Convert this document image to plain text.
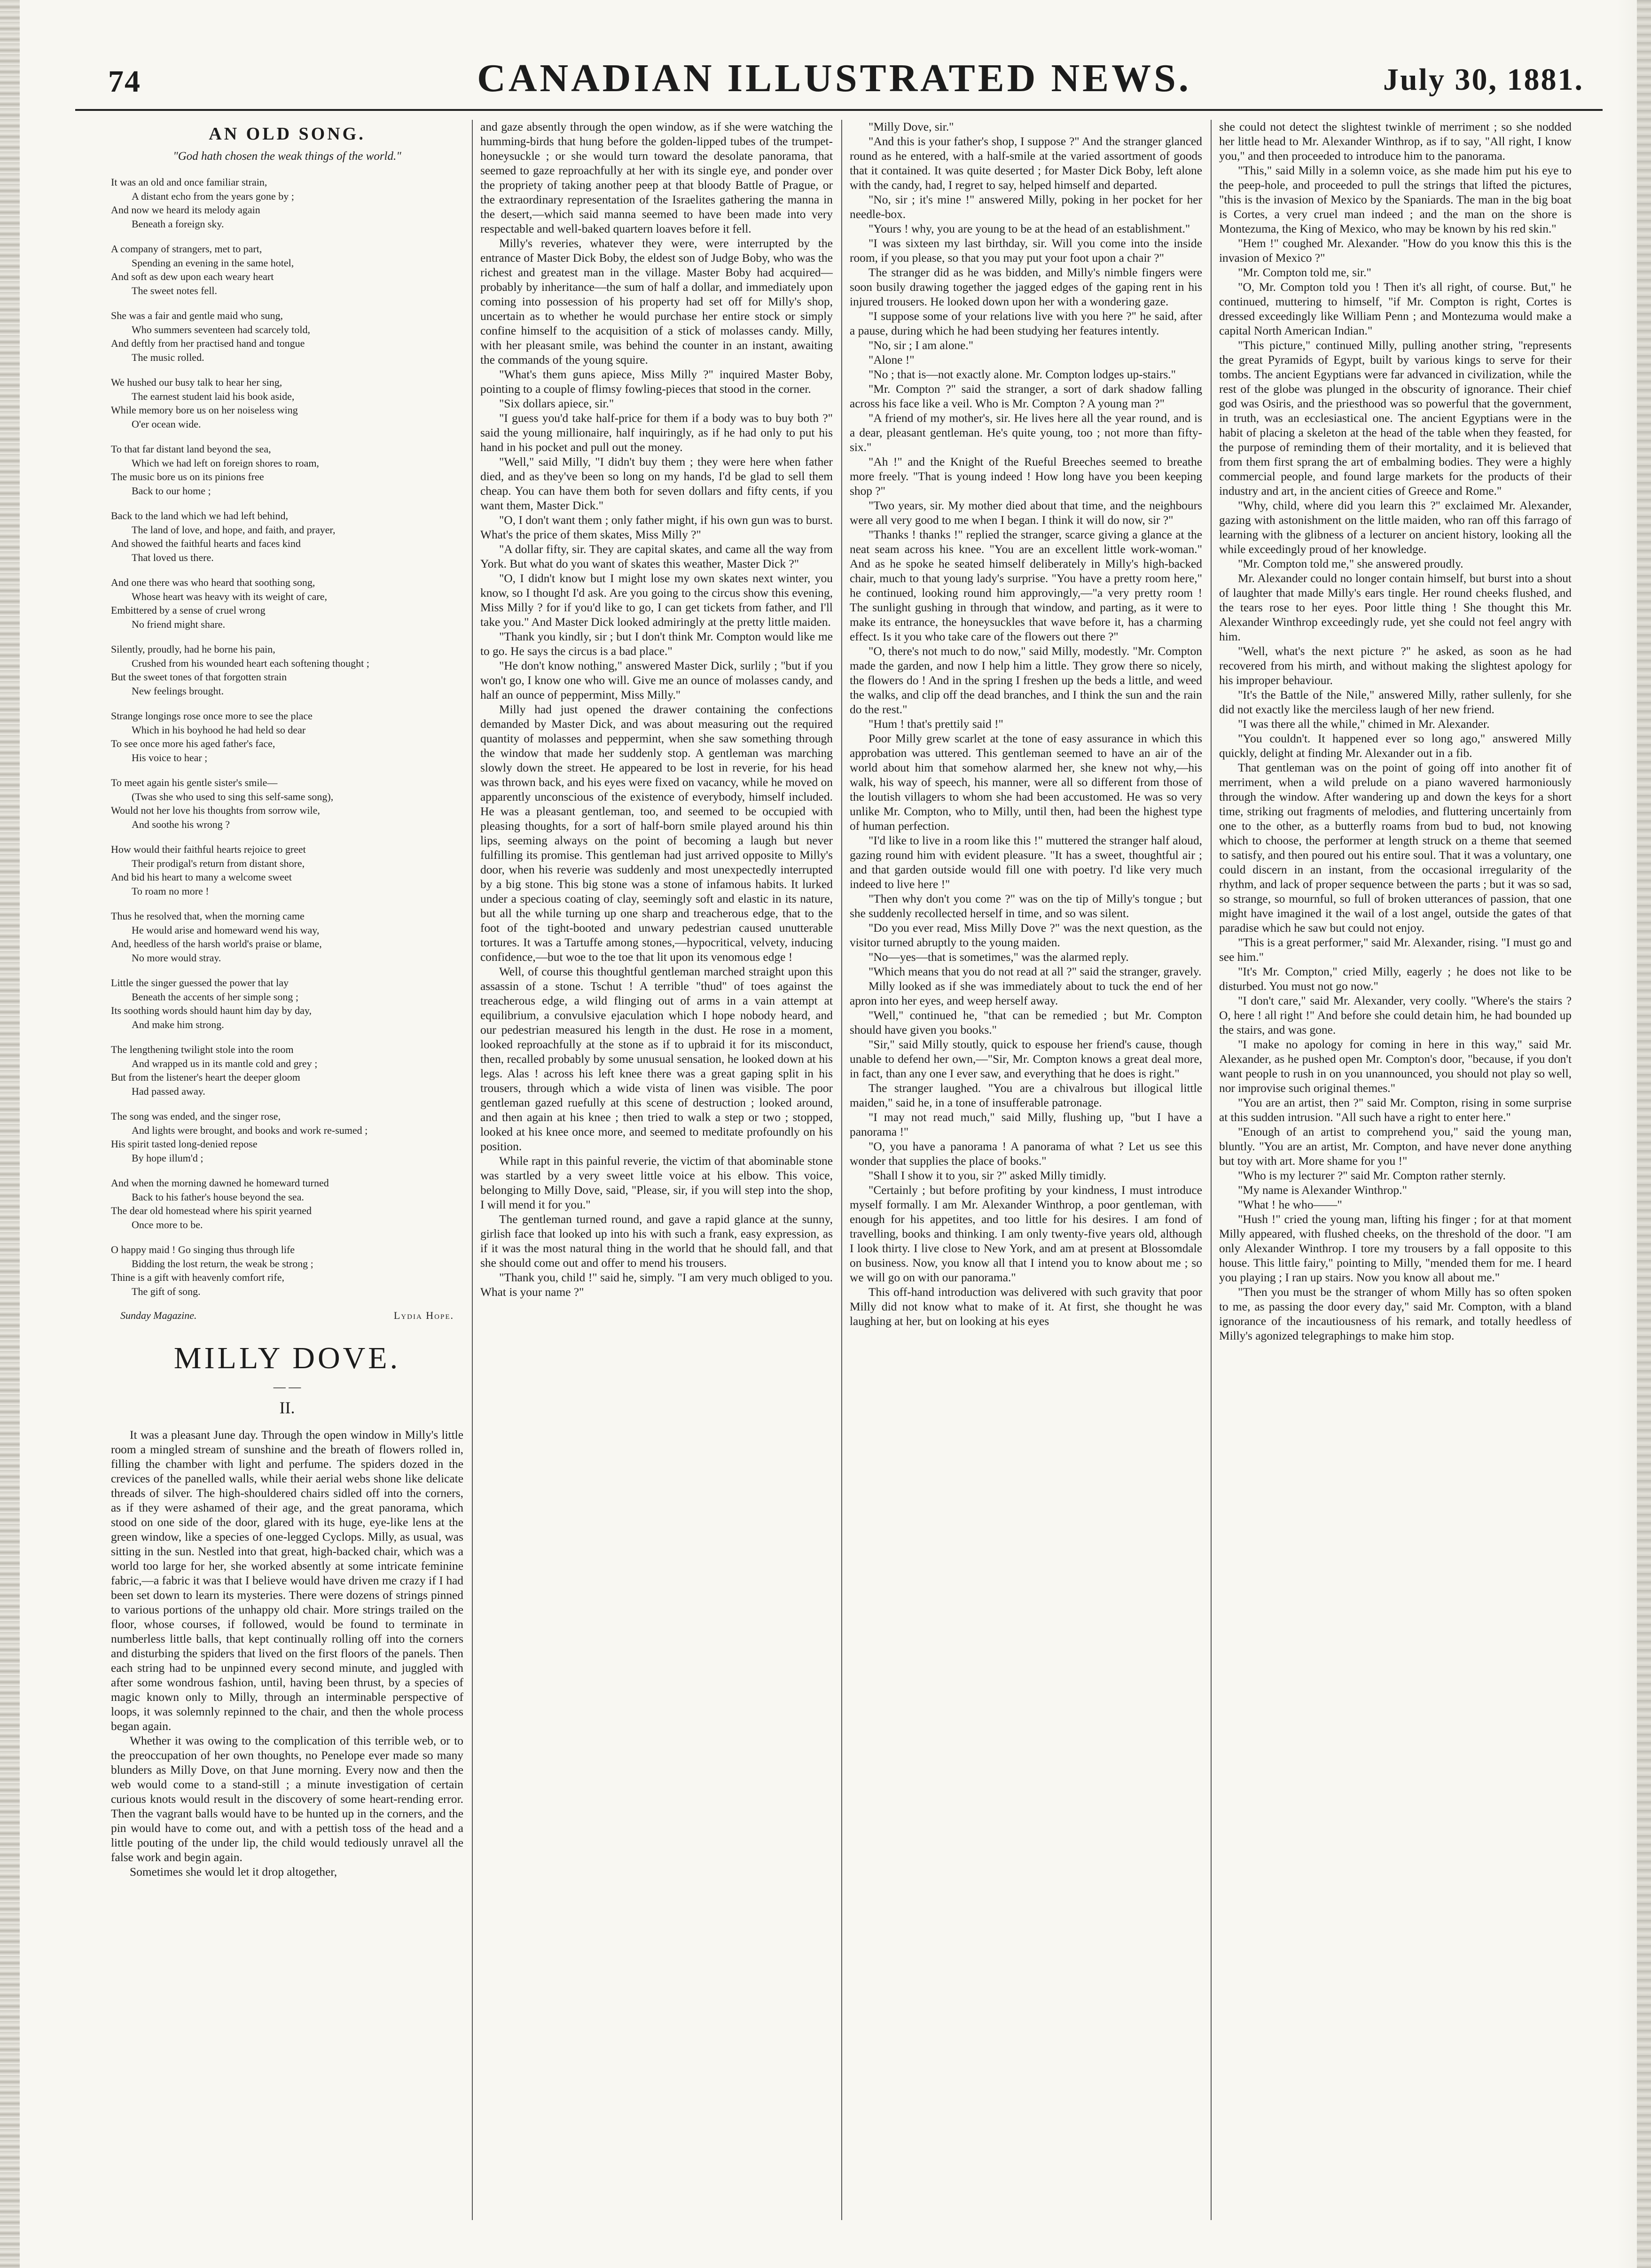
74	CANADIAN ILLUSTRATED NEWS.	July 30, 1881.
AN OLD SONG.
"God hath chosen the weak things of the world."
It was an old and once familiar strain,
A distant echo from the years gone by ;
And now we heard its melody again
Beneath a foreign sky.
A company of strangers, met to part,
Spending an evening in the same hotel,
And soft as dew upon each weary heart
The sweet notes fell.
She was a fair and gentle maid who sung,
Who summers seventeen had scarcely told,
And deftly from her practised hand and tongue
The music rolled.
We hushed our busy talk to hear her sing,
The earnest student laid his book aside,
While memory bore us on her noiseless wing
O'er ocean wide.
To that far distant land beyond the sea,
Which we had left on foreign shores to roam,
The music bore us on its pinions free
Back to our home ;
Back to the land which we had left behind,
The land of love, and hope, and faith, and prayer,
And showed the faithful hearts and faces kind
That loved us there.
And one there was who heard that soothing song,
Whose heart was heavy with its weight of care,
Embittered by a sense of cruel wrong
No friend might share.
Silently, proudly, had he borne his pain,
Crushed from his wounded heart each softening thought ;
But the sweet tones of that forgotten strain
New feelings brought.
Strange longings rose once more to see the place
Which in his boyhood he had held so dear
To see once more his aged father's face,
His voice to hear ;
To meet again his gentle sister's smile—
(Twas she who used to sing this self-same song),
Would not her love his thoughts from sorrow wile,
And soothe his wrong ?
How would their faithful hearts rejoice to greet
Their prodigal's return from distant shore,
And bid his heart to many a welcome sweet
To roam no more !
Thus he resolved that, when the morning came
He would arise and homeward wend his way,
And, heedless of the harsh world's praise or blame,
No more would stray.
Little the singer guessed the power that lay
Beneath the accents of her simple song ;
Its soothing words should haunt him day by day,
And make him strong.
The lengthening twilight stole into the room
And wrapped us in its mantle cold and grey ;
But from the listener's heart the deeper gloom
Had passed away.
The song was ended, and the singer rose,
And lights were brought, and books and work re-sumed ;
His spirit tasted long-denied repose
By hope illum'd ;
And when the morning dawned he homeward turned
Back to his father's house beyond the sea.
The dear old homestead where his spirit yearned
Once more to be.
O happy maid ! Go singing thus through life
Bidding the lost return, the weak be strong ;
Thine is a gift with heavenly comfort rife,
The gift of song.
Sunday Magazine.	Lydia Hope.
MILLY DOVE.
— —
II.

It was a pleasant June day. Through the open window in Milly's little room a mingled stream of sunshine and the breath of flowers rolled in, filling the chamber with light and perfume. The spiders dozed in the crevices of the panelled walls, while their aerial webs shone like delicate threads of silver. The high-shouldered chairs sidled off into the corners, as if they were ashamed of their age, and the great panorama, which stood on one side of the door, glared with its huge, eye-like lens at the green window, like a species of one-legged Cyclops. Milly, as usual, was sitting in the sun. Nestled into that great, high-backed chair, which was a world too large for her, she worked absently at some intricate feminine fabric,—a fabric it was that I believe would have driven me crazy if I had been set down to learn its mysteries. There were dozens of strings pinned to various portions of the unhappy old chair. More strings trailed on the floor, whose courses, if followed, would be found to terminate in numberless little balls, that kept continually rolling off into the corners and disturbing the spiders that lived on the first floors of the panels. Then each string had to be unpinned every second minute, and juggled with after some wondrous fashion, until, having been thrust, by a species of magic known only to Milly, through an interminable perspective of loops, it was solemnly repinned to the chair, and then the whole process began again.

Whether it was owing to the complication of this terrible web, or to the preoccupation of her own thoughts, no Penelope ever made so many blunders as Milly Dove, on that June morning. Every now and then the web would come to a stand-still ; a minute investigation of certain curious knots would result in the discovery of some heart-rending error. Then the vagrant balls would have to be hunted up in the corners, and the pin would have to come out, and with a pettish toss of the head and a little pouting of the under lip, the child would tediously unravel all the false work and begin again.

Sometimes she would let it drop altogether,

and gaze absently through the open window, as if she were watching the humming-birds that hung before the golden-lipped tubes of the trumpet-honeysuckle ; or she would turn toward the desolate panorama, that seemed to gaze reproachfully at her with its single eye, and ponder over the propriety of taking another peep at that bloody Battle of Prague, or the extraordinary representation of the Israelites gathering the manna in the desert,—which said manna seemed to have been made into very respectable and well-baked quartern loaves before it fell.

Milly's reveries, whatever they were, were interrupted by the entrance of Master Dick Boby, the eldest son of Judge Boby, who was the richest and greatest man in the village. Master Boby had acquired—probably by inheritance—the sum of half a dollar, and immediately upon coming into possession of his property had set off for Milly's shop, uncertain as to whether he would purchase her entire stock or simply confine himself to the acquisition of a stick of molasses candy. Milly, with her pleasant smile, was behind the counter in an instant, awaiting the commands of the young squire.

"What's them guns apiece, Miss Milly ?" inquired Master Boby, pointing to a couple of flimsy fowling-pieces that stood in the corner.

"Six dollars apiece, sir."

"I guess you'd take half-price for them if a body was to buy both ?" said the young millionaire, half inquiringly, as if he had only to put his hand in his pocket and pull out the money.

"Well," said Milly, "I didn't buy them ; they were here when father died, and as they've been so long on my hands, I'd be glad to sell them cheap. You can have them both for seven dollars and fifty cents, if you want them, Master Dick."

"O, I don't want them ; only father might, if his own gun was to burst. What's the price of them skates, Miss Milly ?"

"A dollar fifty, sir. They are capital skates, and came all the way from York. But what do you want of skates this weather, Master Dick ?"

"O, I didn't know but I might lose my own skates next winter, you know, so I thought I'd ask. Are you going to the circus show this evening, Miss Milly ? for if you'd like to go, I can get tickets from father, and I'll take you." And Master Dick looked admiringly at the pretty little maiden.

"Thank you kindly, sir ; but I don't think Mr. Compton would like me to go. He says the circus is a bad place."

"He don't know nothing," answered Master Dick, surlily ; "but if you won't go, I know one who will. Give me an ounce of molasses candy, and half an ounce of peppermint, Miss Milly."

Milly had just opened the drawer containing the confections demanded by Master Dick, and was about measuring out the required quantity of molasses and peppermint, when she saw something through the window that made her suddenly stop. A gentleman was marching slowly down the street. He appeared to be lost in reverie, for his head was thrown back, and his eyes were fixed on vacancy, while he moved on apparently unconscious of the existence of everybody, himself included. He was a pleasant gentleman, too, and seemed to be occupied with pleasing thoughts, for a sort of half-born smile played around his thin lips, seeming always on the point of becoming a laugh but never fulfilling its promise. This gentleman had just arrived opposite to Milly's door, when his reverie was suddenly and most unexpectedly interrupted by a big stone. This big stone was a stone of infamous habits. It lurked under a specious coating of clay, seemingly soft and elastic in its nature, but all the while turning up one sharp and treacherous edge, that to the foot of the tight-booted and unwary pedestrian caused unutterable tortures. It was a Tartuffe among stones,—hypocritical, velvety, inducing confidence,—but woe to the toe that lit upon its venomous edge !

Well, of course this thoughtful gentleman marched straight upon this assassin of a stone. Tschut ! A terrible "thud" of toes against the treacherous edge, a wild flinging out of arms in a vain attempt at equilibrium, a convulsive ejaculation which I hope nobody heard, and our pedestrian measured his length in the dust. He rose in a moment, looked reproachfully at the stone as if to upbraid it for its misconduct, then, recalled probably by some unusual sensation, he looked down at his legs. Alas ! across his left knee there was a great gaping split in his trousers, through which a wide vista of linen was visible. The poor gentleman gazed ruefully at this scene of destruction ; looked around, and then again at his knee ; then tried to walk a step or two ; stopped, looked at his knee once more, and seemed to meditate profoundly on his position.

While rapt in this painful reverie, the victim of that abominable stone was startled by a very sweet little voice at his elbow. This voice, belonging to Milly Dove, said, "Please, sir, if you will step into the shop, I will mend it for you."

The gentleman turned round, and gave a rapid glance at the sunny, girlish face that looked up into his with such a frank, easy expression, as if it was the most natural thing in the world that he should fall, and that she should come out and offer to mend his trousers.

"Thank you, child !" said he, simply. "I am very much obliged to you. What is your name ?"

"Milly Dove, sir."

"And this is your father's shop, I suppose ?" And the stranger glanced round as he entered, with a half-smile at the varied assortment of goods that it contained. It was quite deserted ; for Master Dick Boby, left alone with the candy, had, I regret to say, helped himself and departed.

"No, sir ; it's mine !" answered Milly, poking in her pocket for her needle-box.

"Yours ! why, you are young to be at the head of an establishment."

"I was sixteen my last birthday, sir. Will you come into the inside room, if you please, so that you may put your foot upon a chair ?"

The stranger did as he was bidden, and Milly's nimble fingers were soon busily drawing together the jagged edges of the gaping rent in his injured trousers. He looked down upon her with a wondering gaze.

"I suppose some of your relations live with you here ?" he said, after a pause, during which he had been studying her features intently.

"No, sir ; I am alone."

"Alone !"

"No ; that is—not exactly alone. Mr. Compton lodges up-stairs."

"Mr. Compton ?" said the stranger, a sort of dark shadow falling across his face like a veil. Who is Mr. Compton ? A young man ?"

"A friend of my mother's, sir. He lives here all the year round, and is a dear, pleasant gentleman. He's quite young, too ; not more than fifty-six."

"Ah !" and the Knight of the Rueful Breeches seemed to breathe more freely. "That is young indeed ! How long have you been keeping shop ?"

"Two years, sir. My mother died about that time, and the neighbours were all very good to me when I began. I think it will do now, sir ?"

"Thanks ! thanks !" replied the stranger, scarce giving a glance at the neat seam across his knee. "You are an excellent little work-woman." And as he spoke he seated himself deliberately in Milly's high-backed chair, much to that young lady's surprise. "You have a pretty room here," he continued, looking round him approvingly,—"a very pretty room ! The sunlight gushing in through that window, and parting, as it were to make its entrance, the honeysuckles that wave before it, has a charming effect. Is it you who take care of the flowers out there ?"

"O, there's not much to do now," said Milly, modestly. "Mr. Compton made the garden, and now I help him a little. They grow there so nicely, the flowers do ! And in the spring I freshen up the beds a little, and weed the walks, and clip off the dead branches, and I think the sun and the rain do the rest."

"Hum ! that's prettily said !"

Poor Milly grew scarlet at the tone of easy assurance in which this approbation was uttered. This gentleman seemed to have an air of the world about him that somehow alarmed her, she knew not why,—his walk, his way of speech, his manner, were all so different from those of the loutish villagers to whom she had been accustomed. He was so very unlike Mr. Compton, who to Milly, until then, had been the highest type of human perfection.

"I'd like to live in a room like this !" muttered the stranger half aloud, gazing round him with evident pleasure. "It has a sweet, thoughtful air ; and that garden outside would fill one with poetry. I'd like very much indeed to live here !"

"Then why don't you come ?" was on the tip of Milly's tongue ; but she suddenly recollected herself in time, and so was silent.

"Do you ever read, Miss Milly Dove ?" was the next question, as the visitor turned abruptly to the young maiden.

"No—yes—that is sometimes," was the alarmed reply.

"Which means that you do not read at all ?" said the stranger, gravely.

Milly looked as if she was immediately about to tuck the end of her apron into her eyes, and weep herself away.

"Well," continued he, "that can be remedied ; but Mr. Compton should have given you books."

"Sir," said Milly stoutly, quick to espouse her friend's cause, though unable to defend her own,—"Sir, Mr. Compton knows a great deal more, in fact, than any one I ever saw, and everything that he does is right."

The stranger laughed. "You are a chivalrous but illogical little maiden," said he, in a tone of insufferable patronage.

"I may not read much," said Milly, flushing up, "but I have a panorama !"

"O, you have a panorama ! A panorama of what ? Let us see this wonder that supplies the place of books."

"Shall I show it to you, sir ?" asked Milly timidly.

"Certainly ; but before profiting by your kindness, I must introduce myself formally. I am Mr. Alexander Winthrop, a poor gentleman, with enough for his appetites, and too little for his desires. I am fond of travelling, books and thinking. I am only twenty-five years old, although I look thirty. I live close to New York, and am at present at Blossomdale on business. Now, you know all that I intend you to know about me ; so we will go on with our panorama."

This off-hand introduction was delivered with such gravity that poor Milly did not know what to make of it. At first, she thought he was laughing at her, but on looking at his eyes

she could not detect the slightest twinkle of merriment ; so she nodded her little head to Mr. Alexander Winthrop, as if to say, "All right, I know you," and then proceeded to introduce him to the panorama.

"This," said Milly in a solemn voice, as she made him put his eye to the peep-hole, and proceeded to pull the strings that lifted the pictures, "this is the invasion of Mexico by the Spaniards. The man in the big boat is Cortes, a very cruel man indeed ; and the man on the shore is Montezuma, the King of Mexico, who may be known by his red skin."

"Hem !" coughed Mr. Alexander. "How do you know this this is the invasion of Mexico ?"

"Mr. Compton told me, sir."

"O, Mr. Compton told you ! Then it's all right, of course. But," he continued, muttering to himself, "if Mr. Compton is right, Cortes is dressed exceedingly like William Penn ; and Montezuma would make a capital North American Indian."

"This picture," continued Milly, pulling another string, "represents the great Pyramids of Egypt, built by various kings to serve for their tombs. The ancient Egyptians were far advanced in civilization, while the rest of the globe was plunged in the obscurity of ignorance. Their chief god was Osiris, and the priesthood was so powerful that the government, in truth, was an ecclesiastical one. The ancient Egyptians were in the habit of placing a skeleton at the head of the table when they feasted, for the purpose of reminding them of their mortality, and it is believed that from them first sprang the art of embalming bodies. They were a highly commercial people, and found large markets for the products of their industry and art, in the ancient cities of Greece and Rome."

"Why, child, where did you learn this ?" exclaimed Mr. Alexander, gazing with astonishment on the little maiden, who ran off this farrago of learning with the glibness of a lecturer on ancient history, looking all the while exceedingly proud of her knowledge.

"Mr. Compton told me," she answered proudly.

Mr. Alexander could no longer contain himself, but burst into a shout of laughter that made Milly's ears tingle. Her round cheeks flushed, and the tears rose to her eyes. Poor little thing ! She thought this Mr. Alexander Winthrop exceedingly rude, yet she could not feel angry with him.

"Well, what's the next picture ?" he asked, as soon as he had recovered from his mirth, and without making the slightest apology for his improper behaviour.

"It's the Battle of the Nile," answered Milly, rather sullenly, for she did not exactly like the merciless laugh of her new friend.

"I was there all the while," chimed in Mr. Alexander.

"You couldn't. It happened ever so long ago," answered Milly quickly, delight at finding Mr. Alexander out in a fib.

That gentleman was on the point of going off into another fit of merriment, when a wild prelude on a piano wavered harmoniously through the window. After wandering up and down the keys for a short time, striking out fragments of melodies, and fluttering uncertainly from one to the other, as a butterfly roams from bud to bud, not knowing which to choose, the performer at length struck on a theme that seemed to satisfy, and then poured out his entire soul. That it was a voluntary, one could discern in an instant, from the occasional irregularity of the rhythm, and lack of proper sequence between the parts ; but it was so sad, so strange, so mournful, so full of broken utterances of passion, that one might have imagined it the wail of a lost angel, outside the gates of that paradise which he saw but could not enjoy.

"This is a great performer," said Mr. Alexander, rising. "I must go and see him."

"It's Mr. Compton," cried Milly, eagerly ; he does not like to be disturbed. You must not go now."

"I don't care," said Mr. Alexander, very coolly. "Where's the stairs ? O, here ! all right !" And before she could detain him, he had bounded up the stairs, and was gone.

"I make no apology for coming in here in this way," said Mr. Alexander, as he pushed open Mr. Compton's door, "because, if you don't want people to rush in on you unannounced, you should not play so well, nor improvise such original themes."

"You are an artist, then ?" said Mr. Compton, rising in some surprise at this sudden intrusion. "All such have a right to enter here."

"Enough of an artist to comprehend you," said the young man, bluntly. "You are an artist, Mr. Compton, and have never done anything but toy with art. More shame for you !"

"Who is my lecturer ?" said Mr. Compton rather sternly.

"My name is Alexander Winthrop."

"What ! he who——"

"Hush !" cried the young man, lifting his finger ; for at that moment Milly appeared, with flushed cheeks, on the threshold of the door. "I am only Alexander Winthrop. I tore my trousers by a fall opposite to this house. This little fairy," pointing to Milly, "mended them for me. I heard you playing ; I ran up stairs. Now you know all about me."

"Then you must be the stranger of whom Milly has so often spoken to me, as passing the door every day," said Mr. Compton, with a bland ignorance of the incautiousness of his remark, and totally heedless of Milly's agonized telegraphings to make him stop.
